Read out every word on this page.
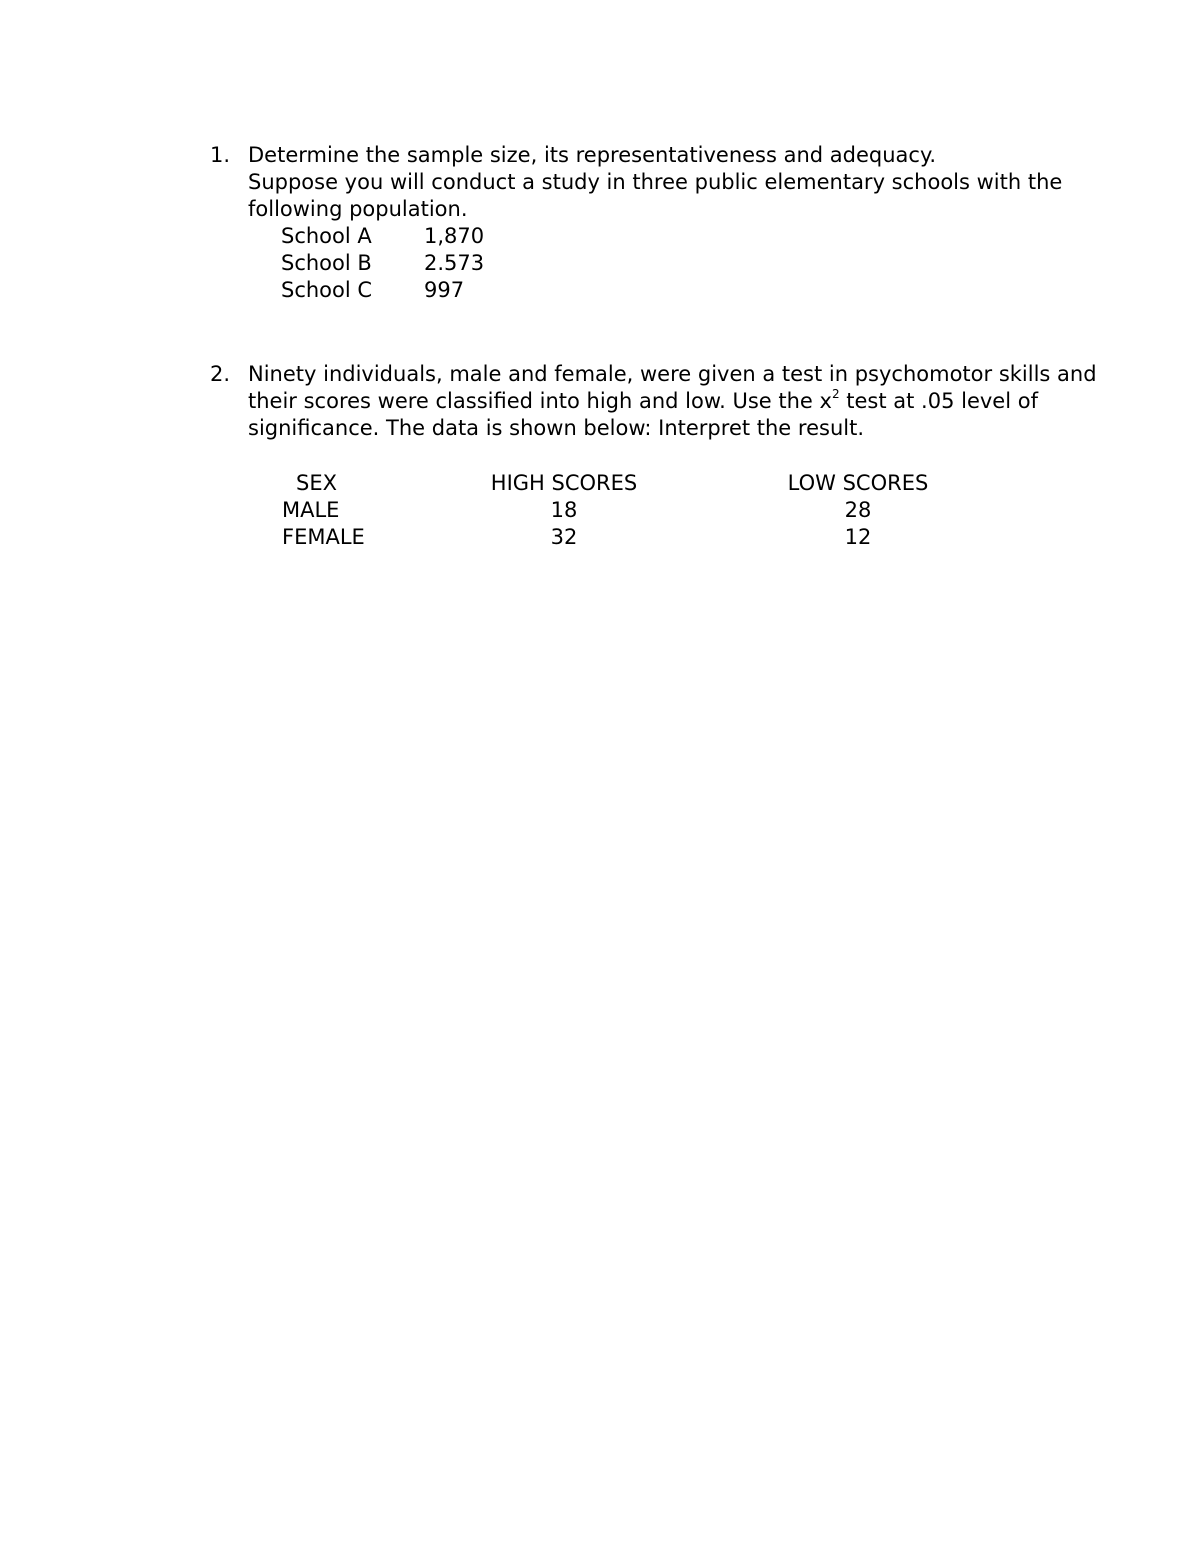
1. Determine the sample size, its representativeness and adequacy.
Suppose you will conduct a study in three public elementary schools with the
following population.
School A 1,870
School B 2.573
School C 997
2. Ninety individuals, male and female, were given a test in psychomotor skills and
their scores were classified into high and low. Use the $x^2$ test at .05 level of
significance. The data is shown below: Interpret the result.
SEX	HIGH SCORES	LOW SCORES
MALE	18	28
FEMALE	32	12
